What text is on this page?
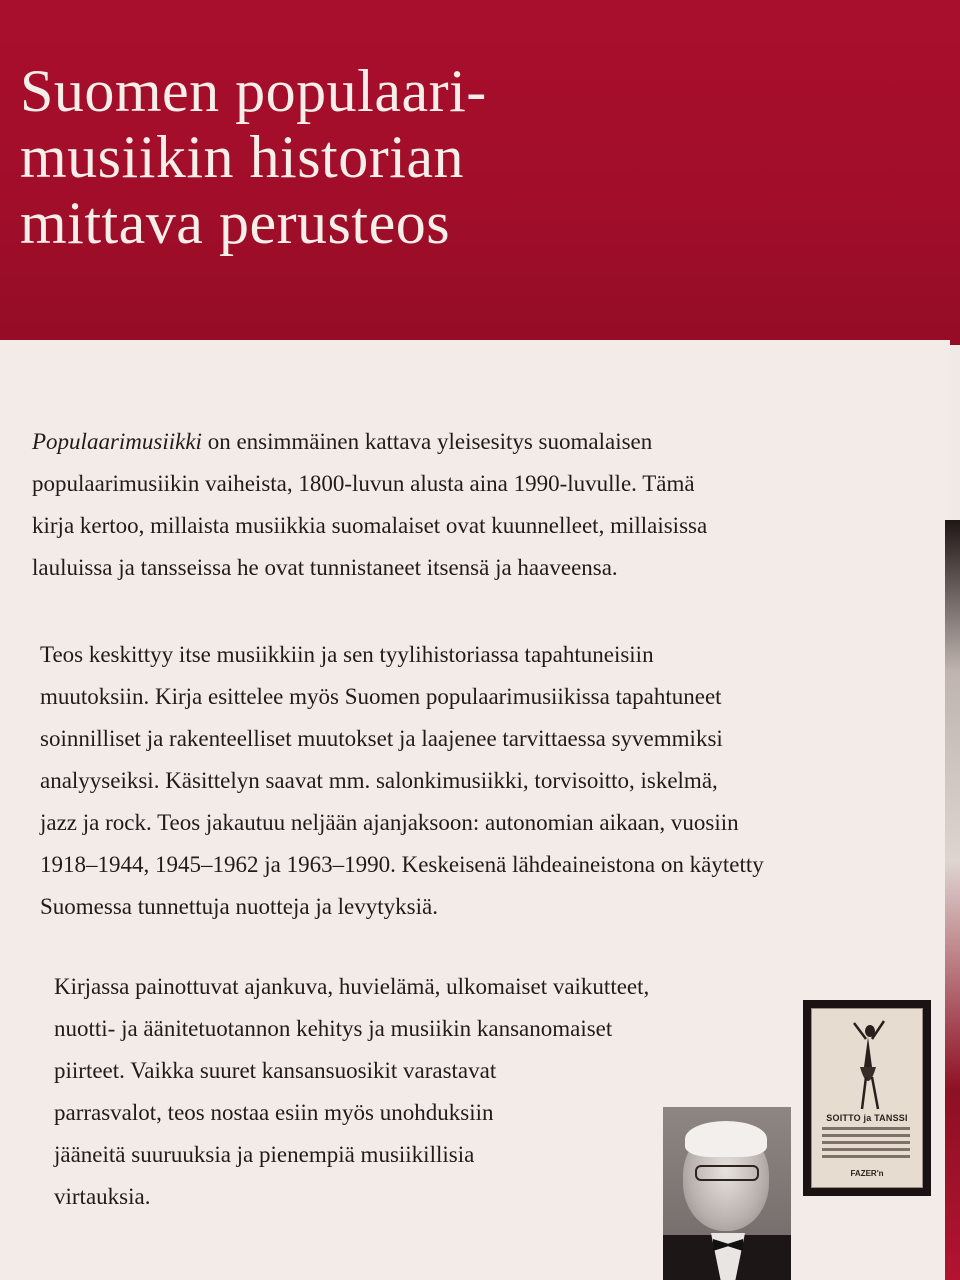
Suomen populaari-
musiikin historian
mittava perusteos

Populaarimusiikki on ensimmäinen kattava yleisesitys suomalaisen
populaarimusiikin vaiheista, 1800-luvun alusta aina 1990-luvulle. Tämä
kirja kertoo, millaista musiikkia suomalaiset ovat kuunnelleet, millaisissa
lauluissa ja tansseissa he ovat tunnistaneet itsensä ja haaveensa.

Teos keskittyy itse musiikkiin ja sen tyylihistoriassa tapahtuneisiin
muutoksiin. Kirja esittelee myös Suomen populaarimusiikissa tapahtuneet
soinnilliset ja rakenteelliset muutokset ja laajenee tarvittaessa syvemmiksi
analyyseiksi. Käsittelyn saavat mm. salonkimusiikki, torvisoitto, iskelmä,
jazz ja rock. Teos jakautuu neljään ajanjaksoon: autonomian aikaan, vuosiin
1918–1944, 1945–1962 ja 1963–1990. Keskeisenä lähdeaineistona on käytetty
Suomessa tunnettuja nuotteja ja levytyksiä.

Kirjassa painottuvat ajankuva, huvielämä, ulkomaiset vaikutteet,
nuotti- ja äänitetuotannon kehitys ja musiikin kansanomaiset
piirteet. Vaikka suuret kansansuosikit varastavat
parrasvalot, teos nostaa esiin myös unohduksiin
jääneitä suuruuksia ja pienempiä musiikillisia
virtauksia.

SOITTO ja TANSSI
FAZER'n
